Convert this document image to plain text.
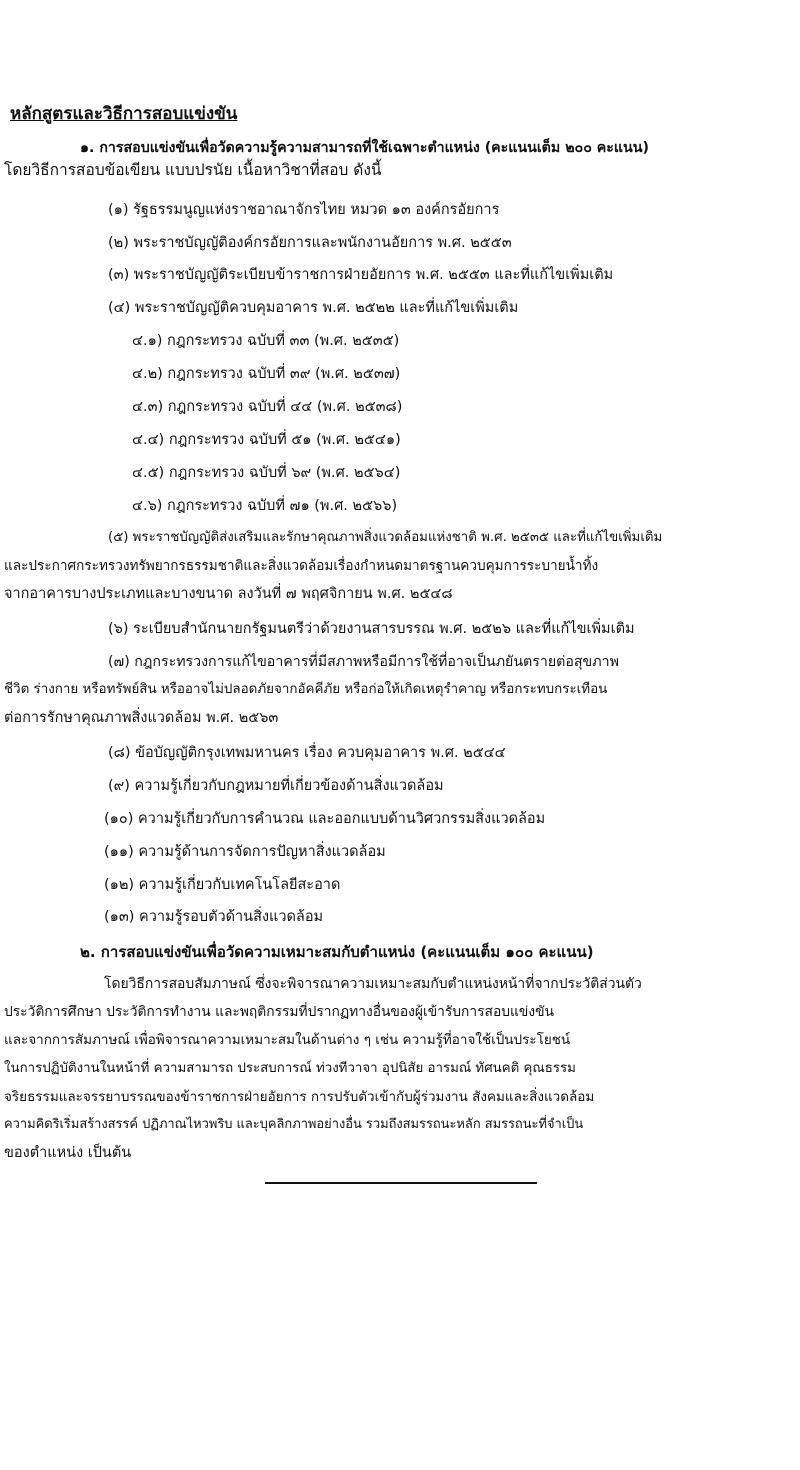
หลักสูตรและวิธีการสอบแข่งขัน
๑. การสอบแข่งขันเพื่อวัดความรู้ความสามารถที่ใช้เฉพาะตำแหน่ง (คะแนนเต็ม ๒๐๐ คะแนน)
โดยวิธีการสอบข้อเขียน แบบปรนัย เนื้อหาวิชาที่สอบ ดังนี้
(๑) รัฐธรรมนูญแห่งราชอาณาจักรไทย หมวด ๑๓ องค์กรอัยการ
(๒) พระราชบัญญัติองค์กรอัยการและพนักงานอัยการ พ.ศ. ๒๕๕๓
(๓) พระราชบัญญัติระเบียบข้าราชการฝ่ายอัยการ พ.ศ. ๒๕๕๓ และที่แก้ไขเพิ่มเติม
(๔) พระราชบัญญัติควบคุมอาคาร พ.ศ. ๒๕๒๒ และที่แก้ไขเพิ่มเติม
๔.๑) กฎกระทรวง ฉบับที่ ๓๓ (พ.ศ. ๒๕๓๕)
๔.๒) กฎกระทรวง ฉบับที่ ๓๙ (พ.ศ. ๒๕๓๗)
๔.๓) กฎกระทรวง ฉบับที่ ๔๔ (พ.ศ. ๒๕๓๘)
๔.๔) กฎกระทรวง ฉบับที่ ๕๑ (พ.ศ. ๒๕๔๑)
๔.๕) กฎกระทรวง ฉบับที่ ๖๙ (พ.ศ. ๒๕๖๔)
๔.๖) กฎกระทรวง ฉบับที่ ๗๑ (พ.ศ. ๒๕๖๖)
(๕) พระราชบัญญัติส่งเสริมและรักษาคุณภาพสิ่งแวดล้อมแห่งชาติ พ.ศ. ๒๕๓๕ และที่แก้ไขเพิ่มเติม
และประกาศกระทรวงทรัพยากรธรรมชาติและสิ่งแวดล้อมเรื่องกำหนดมาตรฐานควบคุมการระบายน้ำทิ้ง
จากอาคารบางประเภทและบางขนาด ลงวันที่ ๗ พฤศจิกายน พ.ศ. ๒๕๔๘
(๖) ระเบียบสำนักนายกรัฐมนตรีว่าด้วยงานสารบรรณ พ.ศ. ๒๕๒๖ และที่แก้ไขเพิ่มเติม
(๗) กฎกระทรวงการแก้ไขอาคารที่มีสภาพหรือมีการใช้ที่อาจเป็นภยันตรายต่อสุขภาพ
ชีวิต ร่างกาย หรือทรัพย์สิน หรืออาจไม่ปลอดภัยจากอัคคีภัย หรือก่อให้เกิดเหตุรำคาญ หรือกระทบกระเทือน
ต่อการรักษาคุณภาพสิ่งแวดล้อม พ.ศ. ๒๕๖๓
(๘) ข้อบัญญัติกรุงเทพมหานคร เรื่อง ควบคุมอาคาร พ.ศ. ๒๕๔๔
(๙) ความรู้เกี่ยวกับกฎหมายที่เกี่ยวข้องด้านสิ่งแวดล้อม
(๑๐) ความรู้เกี่ยวกับการคำนวณ และออกแบบด้านวิศวกรรมสิ่งแวดล้อม
(๑๑) ความรู้ด้านการจัดการปัญหาสิ่งแวดล้อม
(๑๒) ความรู้เกี่ยวกับเทคโนโลยีสะอาด
(๑๓) ความรู้รอบตัวด้านสิ่งแวดล้อม
๒. การสอบแข่งขันเพื่อวัดความเหมาะสมกับตำแหน่ง (คะแนนเต็ม ๑๐๐ คะแนน)
โดยวิธีการสอบสัมภาษณ์ ซึ่งจะพิจารณาความเหมาะสมกับตำแหน่งหน้าที่จากประวัติส่วนตัว
ประวัติการศึกษา ประวัติการทำงาน และพฤติกรรมที่ปรากฏทางอื่นของผู้เข้ารับการสอบแข่งขัน
และจากการสัมภาษณ์ เพื่อพิจารณาความเหมาะสมในด้านต่าง ๆ เช่น ความรู้ที่อาจใช้เป็นประโยชน์
ในการปฏิบัติงานในหน้าที่ ความสามารถ ประสบการณ์ ท่วงทีวาจา อุปนิสัย อารมณ์ ทัศนคติ คุณธรรม
จริยธรรมและจรรยาบรรณของข้าราชการฝ่ายอัยการ การปรับตัวเข้ากับผู้ร่วมงาน สังคมและสิ่งแวดล้อม
ความคิดริเริ่มสร้างสรรค์ ปฏิภาณไหวพริบ และบุคลิกภาพอย่างอื่น รวมถึงสมรรถนะหลัก สมรรถนะที่จำเป็น
ของตำแหน่ง เป็นต้น
